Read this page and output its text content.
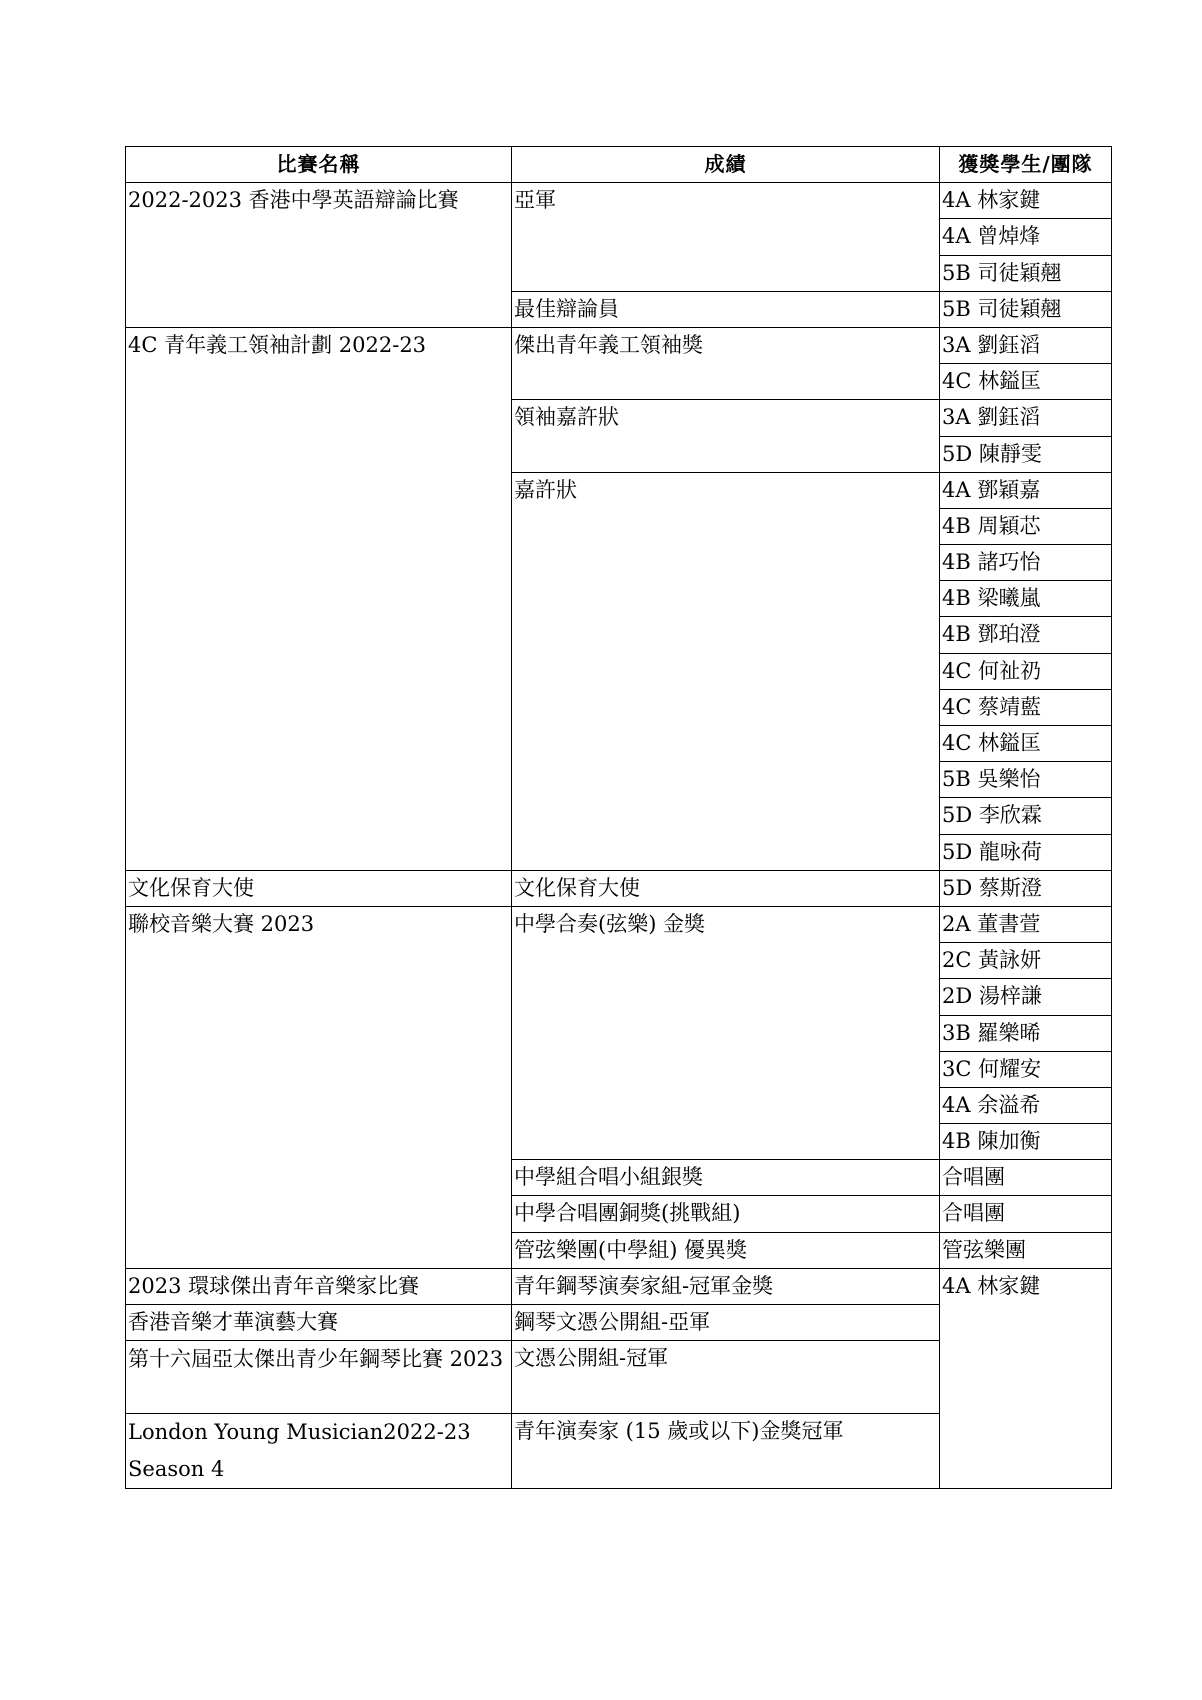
比賽名稱	成績	獲獎學生/團隊
2022-2023 香港中學英語辯論比賽	亞軍	4A 林家鍵
		4A 曾焯烽
		5B 司徒穎翹
	最佳辯論員	5B 司徒穎翹
4C 青年義工領袖計劃 2022-23	傑出青年義工領袖獎	3A 劉鈺滔
		4C 林鎰匡
	領袖嘉許狀	3A 劉鈺滔
		5D 陳靜雯
	嘉許狀	4A 鄧穎嘉
		4B 周穎芯
		4B 諸巧怡
		4B 梁曦嵐
		4B 鄧珀澄
		4C 何祉礽
		4C 蔡靖藍
		4C 林鎰匡
		5B 吳樂怡
		5D 李欣霖
		5D 龍咏荷
文化保育大使	文化保育大使	5D 蔡斯澄
聯校音樂大賽 2023	中學合奏(弦樂) 金獎	2A 董書萱
		2C 黃詠妍
		2D 湯梓謙
		3B 羅樂晞
		3C 何耀安
		4A 余溢希
		4B 陳加衡
	中學組合唱小組銀獎	合唱團
	中學合唱團銅獎(挑戰組)	合唱團
	管弦樂團(中學組) 優異獎	管弦樂團
2023 環球傑出青年音樂家比賽	青年鋼琴演奏家組-冠軍金獎	4A 林家鍵
香港音樂才華演藝大賽	鋼琴文憑公開組-亞軍	
第十六屆亞太傑出青少年鋼琴比賽 2023	文憑公開組-冠軍	
London Young Musician2022-23 Season 4	青年演奏家 (15 歲或以下)金獎冠軍	
